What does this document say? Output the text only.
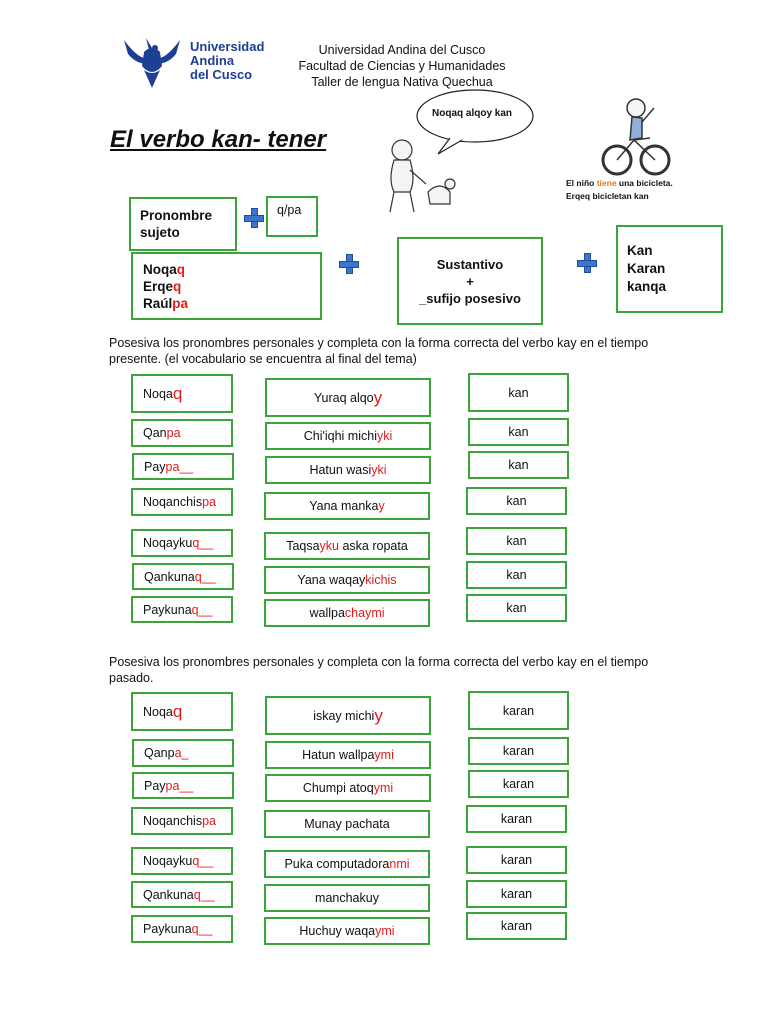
Universidad
Andina
del Cusco
Universidad Andina del Cusco
Facultad de Ciencias y Humanidades
Taller de lengua Nativa Quechua
El verbo kan- tener
Noqaq alqoy kan
El niño tiene una bicicleta.
Erqeq bicicletan kan
Pronombre
sujeto
q/pa
Noqaq
Erqeq
Raúlpa
Sustantivo
+
_sufijo posesivo
Kan
Karan
kanqa
Posesiva los pronombres personales y completa con la forma correcta del verbo kay en el tiempo presente. (el vocabulario se encuentra al final del tema)
Noqa q	Yuraq alqo y	kan
Qan pa	Chi'iqhi michi yki	kan
Pay pa__	Hatun wasi yki	kan
Noqanchis pa	Yana manka y	kan
Noqayku q__	Taqsa yku aska ropata	kan
Qankuna q__	Yana waqay kichis	kan
Paykuna q__	wallpa chaymi	kan
Posesiva los pronombres personales y completa con la forma correcta del verbo kay en el tiempo pasado.
Noqa q	iskay michi y	karan
Qanp a_	Hatun wallpa ymi	karan
Pay pa__	Chumpi atoq ymi	karan
Noqanchis pa	Munay pachata	karan
Noqayku q__	Puka computadora nmi	karan
Qankuna q__	manchakuy	karan
Paykuna q__	Huchuy waqa ymi	karan
